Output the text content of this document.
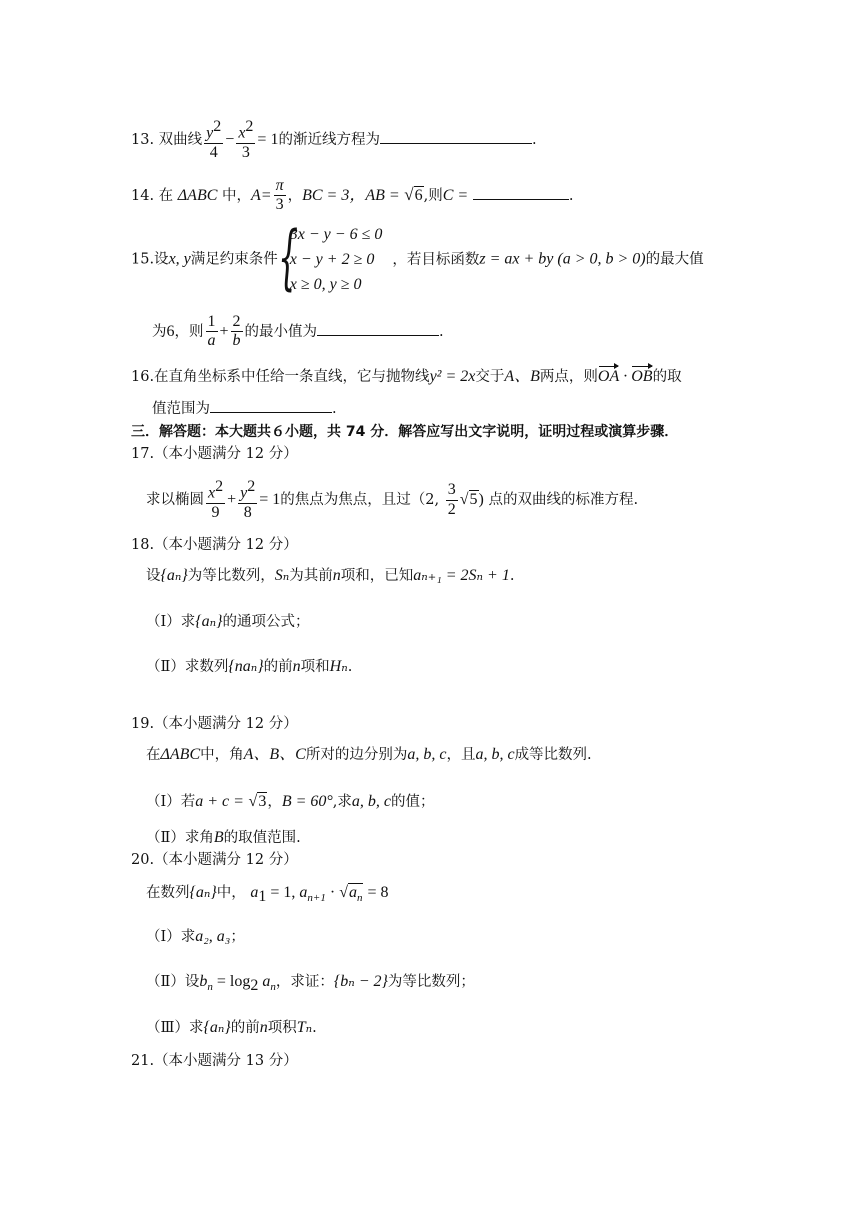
13. 双曲线 $\frac{y^2}{4} - \frac{x^2}{3} = 1$的渐近线方程为	.
14. 在 ΔABC 中，$A= \frac{\pi}{3}$ ，BC = 3，AB = √6,则C =	.
15.设x, y满足约束条件 {
3x − y − 6 ≤ 0
x − y + 2 ≥ 0
x ≥ 0, y ≥ 0
，若目标函数z = ax + by (a > 0, b > 0)的最大值
为6，则 $\frac{1}{a} + \frac{2}{b}$ 的最小值为	.
16.在直角坐标系中任给一条直线，它与抛物线y² = 2x交于A、B两点，则OA · OB的取
值范围为	.
三．解答题：本大题共６小题，共 74 分．解答应写出文字说明，证明过程或演算步骤．
17.（本小题满分 12 分）
求以椭圆 $\frac{x^2}{9} + \frac{y^2}{8} = 1$的焦点为焦点，且过（2, $\frac{3}{2} √5$) 点的双曲线的标准方程.
18.（本小题满分 12 分）
设{aₙ}为等比数列，Sₙ为其前n项和，已知aₙ₊₁ = 2Sₙ + 1.
（Ⅰ）求{aₙ}的通项公式；
（Ⅱ）求数列{naₙ}的前n项和Hₙ.
19.（本小题满分 12 分）
在ΔABC中，角A、B、C所对的边分别为a, b, c，且a, b, c成等比数列.
（Ⅰ）若a + c = √3，B = 60°,求a, b, c的值；
（Ⅱ）求角B的取值范围.
20.（本小题满分 12 分）
在数列{aₙ}中， $a_1 = 1$, $a_{n+1} \cdot √a_n = 8$
（Ⅰ）求a₂, a₃；
（Ⅱ）设$b_n = \log_2 a_n$，求证：{bₙ − 2}为等比数列；
（Ⅲ）求{aₙ}的前n项积Tₙ.
21.（本小题满分 13 分）
